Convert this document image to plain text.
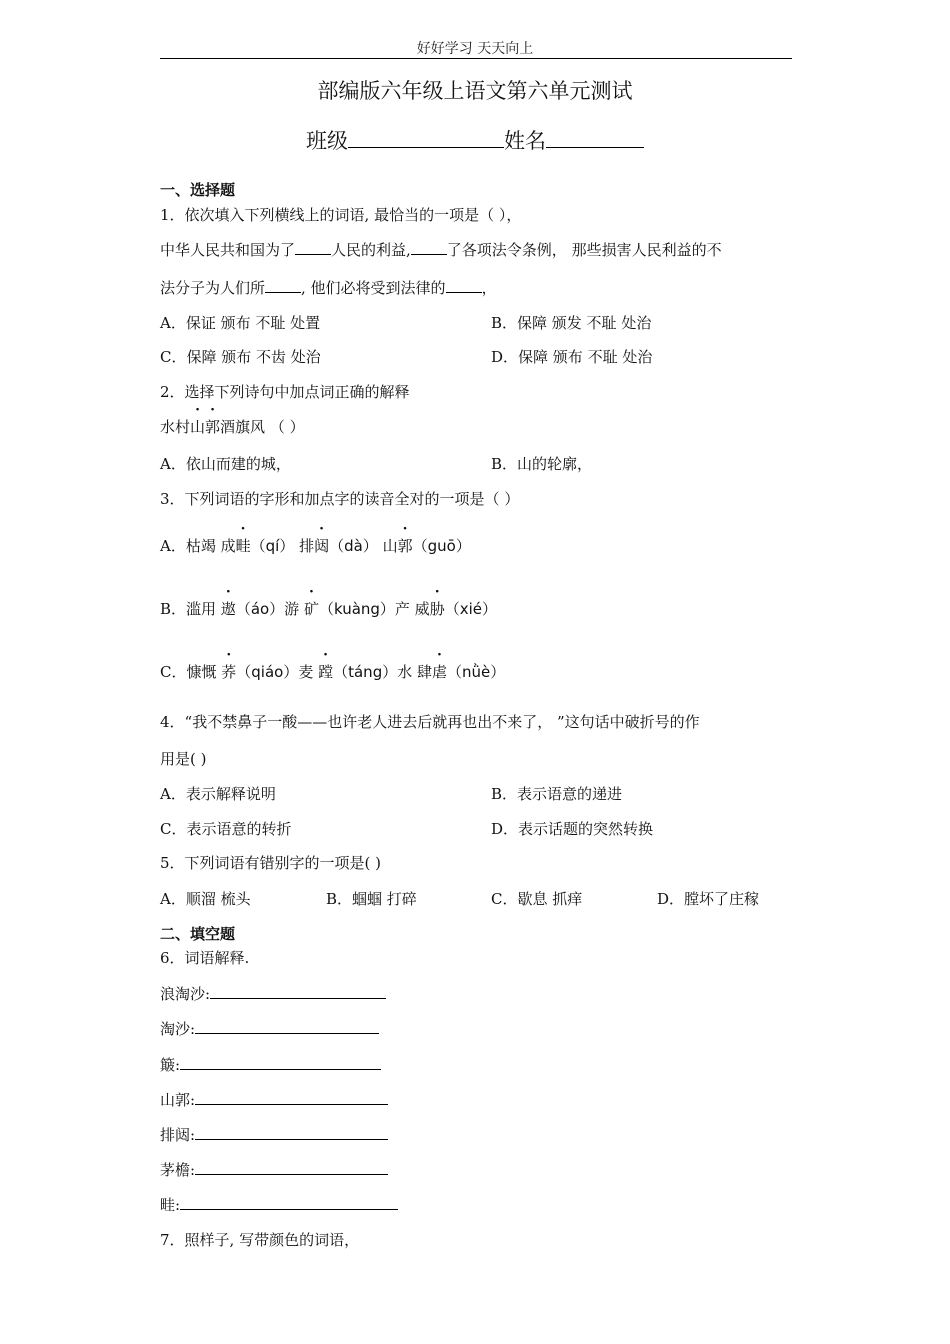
好好学习 天天向上
部编版六年级上语文第六单元测试
班级	姓名
一、选择题
1．依次填入下列横线上的词语, 最恰当的一项是（ ），
中华人民共和国为了 人民的利益, 了各项法令条例， 那些损害人民利益的不
法分子为人们所 , 他们必将受到法律的 ，
A．保证 颁布 不耻 处置	B．保障 颁发 不耻 处治
C．保障 颁布 不齿 处治	D．保障 颁布 不耻 处治
2．选择下列诗句中加点词正确的解释
水村山郭酒旗风 （ ）
A．依山而建的城，	B．山的轮廓，
3．下列词语的字形和加点字的读音全对的一项是（ ）
A．枯竭 成畦（qí） 排闼（dà） 山郭（guō）
B．滥用 遨（áo）游 矿（kuàng）产 威胁（xié）
C．慷慨 荞（qiáo）麦 蹚（táng）水 肆虐（nǜè）
4．“我不禁鼻子一酸——也许老人进去后就再也出不来了， ”这句话中破折号的作
用是( )
A．表示解释说明	B．表示语意的递进
C．表示语意的转折	D．表示话题的突然转换
5．下列词语有错别字的一项是( )
A．顺溜 梳头	B．蝈蝈 打碎	C．歇息 抓痒	D．膛坏了庄稼
二、填空题
6．词语解释.
浪淘沙:
淘沙:
簸:
山郭:
排闼:
茅檐:
畦:
7．照样子, 写带颜色的词语，
